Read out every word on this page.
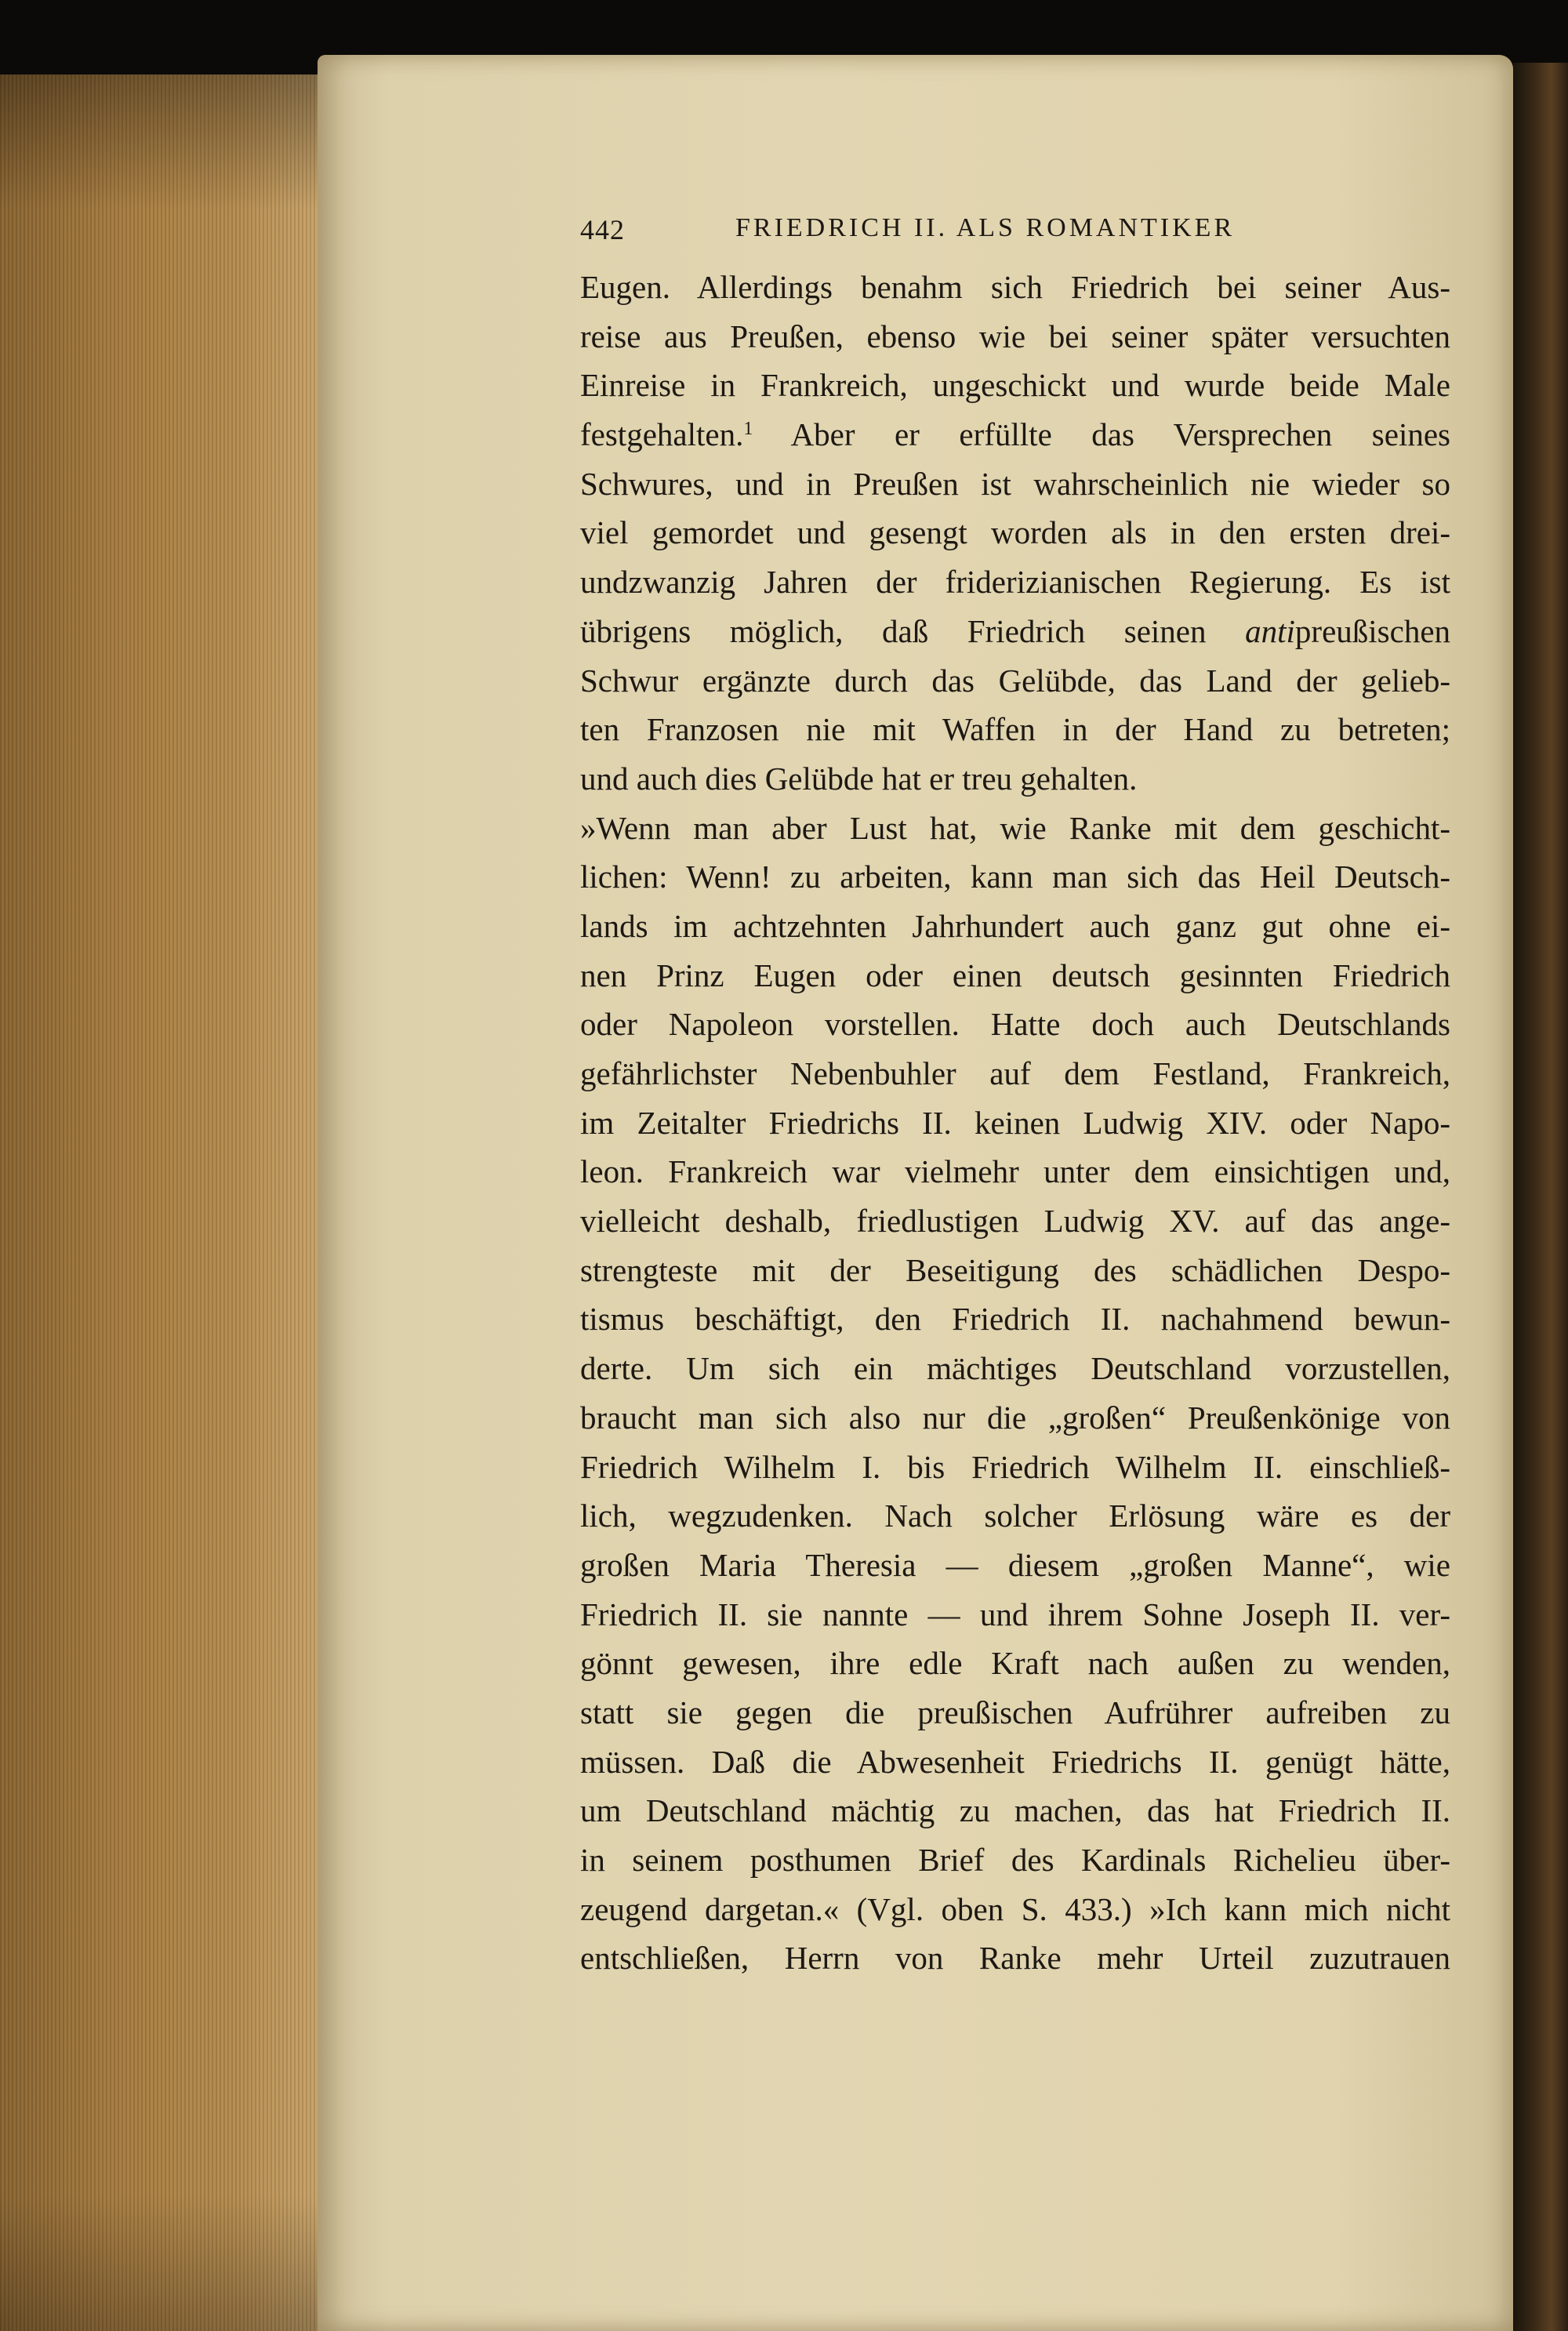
442	FRIEDRICH II. ALS ROMANTIKER
Eugen. Allerdings benahm sich Friedrich bei seiner Aus-
reise aus Preußen, ebenso wie bei seiner später versuchten
Einreise in Frankreich, ungeschickt und wurde beide Male
festgehalten.$^1$ Aber er erfüllte das Versprechen seines
Schwures, und in Preußen ist wahrscheinlich nie wieder so
viel gemordet und gesengt worden als in den ersten drei-
undzwanzig Jahren der friderizianischen Regierung. Es ist
übrigens möglich, daß Friedrich seinen antipreußischen
Schwur ergänzte durch das Gelübde, das Land der gelieb-
ten Franzosen nie mit Waffen in der Hand zu betreten;
und auch dies Gelübde hat er treu gehalten.
»Wenn man aber Lust hat, wie Ranke mit dem geschicht-
lichen: Wenn! zu arbeiten, kann man sich das Heil Deutsch-
lands im achtzehnten Jahrhundert auch ganz gut ohne ei-
nen Prinz Eugen oder einen deutsch gesinnten Friedrich
oder Napoleon vorstellen. Hatte doch auch Deutschlands
gefährlichster Nebenbuhler auf dem Festland, Frankreich,
im Zeitalter Friedrichs II. keinen Ludwig XIV. oder Napo-
leon. Frankreich war vielmehr unter dem einsichtigen und,
vielleicht deshalb, friedlustigen Ludwig XV. auf das ange-
strengteste mit der Beseitigung des schädlichen Despo-
tismus beschäftigt, den Friedrich II. nachahmend bewun-
derte. Um sich ein mächtiges Deutschland vorzustellen,
braucht man sich also nur die „großen“ Preußenkönige von
Friedrich Wilhelm I. bis Friedrich Wilhelm II. einschließ-
lich, wegzudenken. Nach solcher Erlösung wäre es der
großen Maria Theresia — diesem „großen Manne“, wie
Friedrich II. sie nannte — und ihrem Sohne Joseph II. ver-
gönnt gewesen, ihre edle Kraft nach außen zu wenden,
statt sie gegen die preußischen Aufrührer aufreiben zu
müssen. Daß die Abwesenheit Friedrichs II. genügt hätte,
um Deutschland mächtig zu machen, das hat Friedrich II.
in seinem posthumen Brief des Kardinals Richelieu über-
zeugend dargetan.« (Vgl. oben S. 433.) »Ich kann mich nicht
entschließen, Herrn von Ranke mehr Urteil zuzutrauen
